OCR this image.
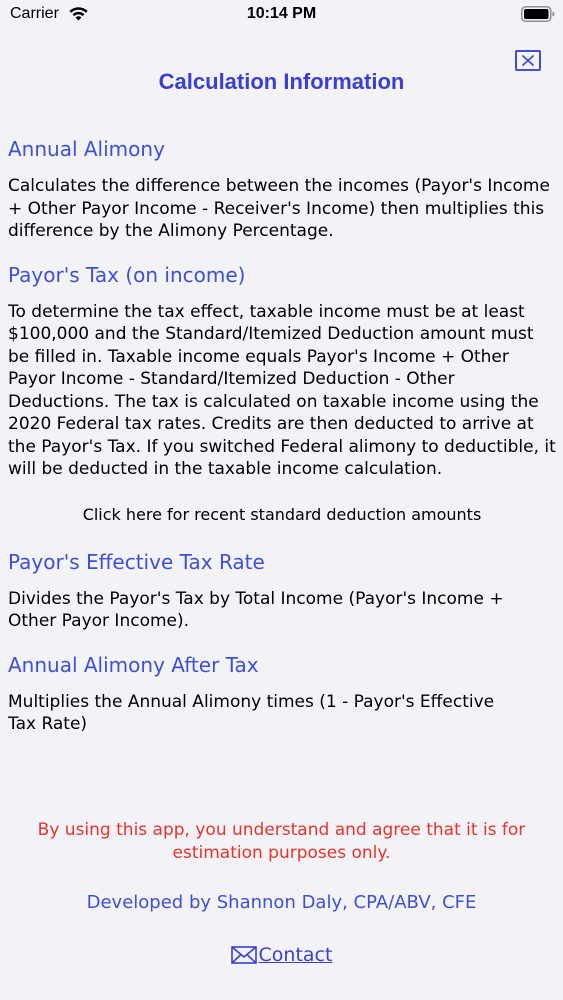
Carrier	10:14 PM
Calculation Information
Annual Alimony

Calculates the difference between the incomes (Payor's Income + Other Payor Income - Receiver's Income) then multiplies this difference by the Alimony Percentage.

Payor's Tax (on income)

To determine the tax effect, taxable income must be at least $100,000 and the Standard/Itemized Deduction amount must be filled in. Taxable income equals Payor's Income + Other Payor Income - Standard/Itemized Deduction - Other Deductions. The tax is calculated on taxable income using the 2020 Federal tax rates. Credits are then deducted to arrive at the Payor's Tax. If you switched Federal alimony to deductible, it will be deducted in the taxable income calculation.

Click here for recent standard deduction amounts
Payor's Effective Tax Rate

Divides the Payor's Tax by Total Income (Payor's Income + Other Payor Income).

Annual Alimony After Tax

Multiplies the Annual Alimony times (1 - Payor's Effective Tax Rate)

By using this app, you understand and agree that it is for estimation purposes only.
Developed by Shannon Daly, CPA/ABV, CFE
Contact
